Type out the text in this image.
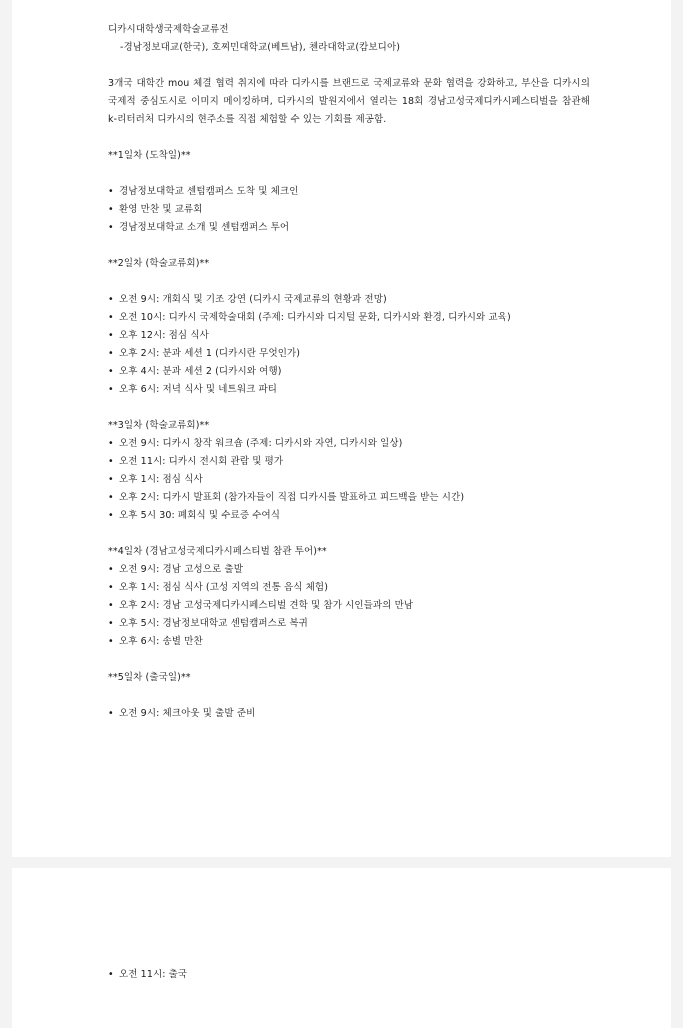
디카시대학생국제학술교류전
-경남정보대교(한국), 호찌민대학교(베트남), 첸라대학교(캄보디아)
3개국 대학간 mou 체결 협력 취지에 따라 디카시를 브랜드로 국제교류와 문화 협력을 강화하고, 부산을 디카시의 국제적 중심도시로 이미지 메이킹하며, 디카시의 발원지에서 열리는 18회 경남고성국제디카시페스티벌을 참관해 k-리터러처 디카시의 현주소를 직접 체험할 수 있는 기회를 제공함.
**1일차 (도착일)**
• 경남정보대학교 센텀캠퍼스 도착 및 체크인
• 환영 만찬 및 교류회
• 경남정보대학교 소개 및 센텀캠퍼스 투어
**2일차 (학술교류회)**
• 오전 9시: 개회식 및 기조 강연 (디카시 국제교류의 현황과 전망)
• 오전 10시: 디카시 국제학술대회 (주제: 디카시와 디지털 문화, 디카시와 환경, 디카시와 교육)
• 오후 12시: 점심 식사
• 오후 2시: 분과 세션 1 (디카시란 무엇인가)
• 오후 4시: 분과 세션 2 (디카시와 여행)
• 오후 6시: 저녁 식사 및 네트워크 파티
**3일차 (학술교류회)**
• 오전 9시: 디카시 창작 워크숍 (주제: 디카시와 자연, 디카시와 일상)
• 오전 11시: 디카시 전시회 관람 및 평가
• 오후 1시: 점심 식사
• 오후 2시: 디카시 발표회 (참가자들이 직접 디카시를 발표하고 피드백을 받는 시간)
• 오후 5시 30: 폐회식 및 수료증 수여식
**4일차 (경남고성국제디카시페스티벌 참관 투어)**
• 오전 9시: 경남 고성으로 출발
• 오후 1시: 점심 식사 (고성 지역의 전통 음식 체험)
• 오후 2시: 경남 고성국제디카시페스티벌 견학 및 참가 시인들과의 만남
• 오후 5시: 경남정보대학교 센텀캠퍼스로 복귀
• 오후 6시: 송별 만찬
**5일차 (출국일)**
• 오전 9시: 체크아웃 및 출발 준비
• 오전 11시: 출국
